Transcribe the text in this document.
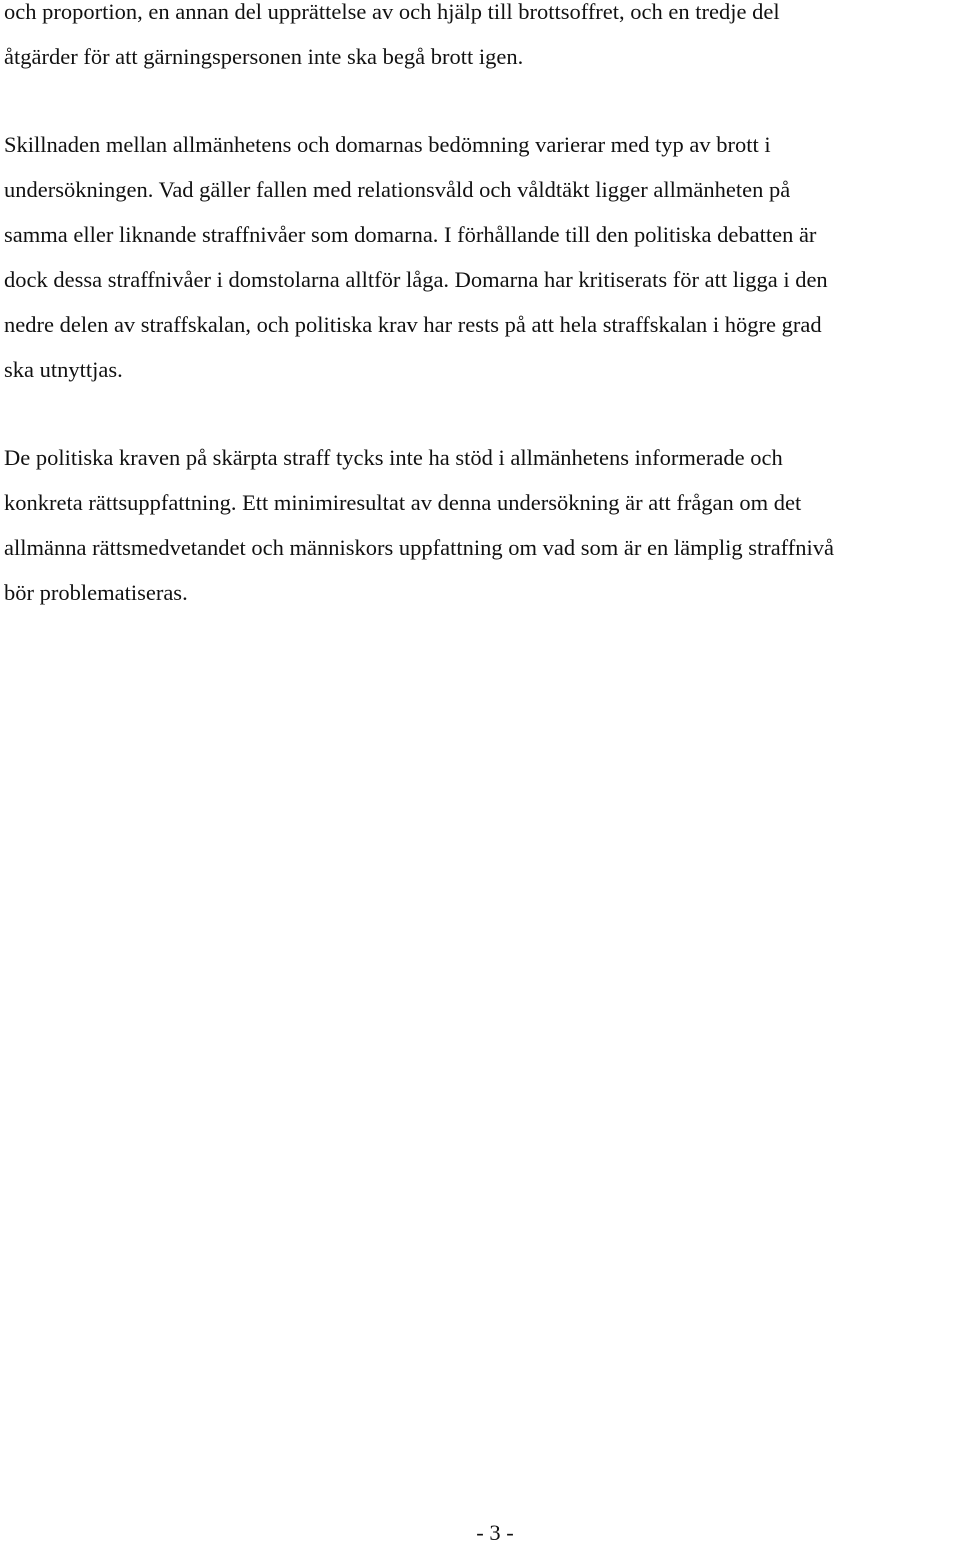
och proportion, en annan del upprättelse av och hjälp till brottsoffret, och en tredje del
åtgärder för att gärningspersonen inte ska begå brott igen.
Skillnaden mellan allmänhetens och domarnas bedömning varierar med typ av brott i
undersökningen. Vad gäller fallen med relationsvåld och våldtäkt ligger allmänheten på
samma eller liknande straffnivåer som domarna. I förhållande till den politiska debatten är
dock dessa straffnivåer i domstolarna alltför låga. Domarna har kritiserats för att ligga i den
nedre delen av straffskalan, och politiska krav har rests på att hela straffskalan i högre grad
ska utnyttjas.
De politiska kraven på skärpta straff tycks inte ha stöd i allmänhetens informerade och
konkreta rättsuppfattning. Ett minimiresultat av denna undersökning är att frågan om det
allmänna rättsmedvetandet och människors uppfattning om vad som är en lämplig straffnivå
bör problematiseras.
- 3 -
